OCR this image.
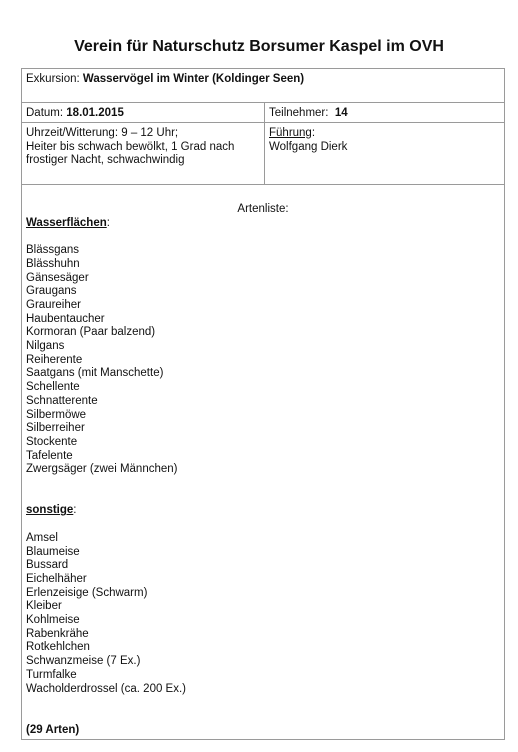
Verein für Naturschutz Borsumer Kaspel im OVH
Exkursion: Wasservögel im Winter (Koldinger Seen)
Datum: 18.01.2015	Teilnehmer: 14
Uhrzeit/Witterung: 9 – 12 Uhr;
Heiter bis schwach bewölkt, 1 Grad nach
frostiger Nacht, schwachwindig
Führung:
Wolfgang Dierk
Artenliste:
Wasserflächen:
Blässgans
Blässhuhn
Gänsesäger
Graugans
Graureiher
Haubentaucher
Kormoran (Paar balzend)
Nilgans
Reiherente
Saatgans (mit Manschette)
Schellente
Schnatterente
Silbermöwe
Silberreiher
Stockente
Tafelente
Zwergsäger (zwei Männchen)
sonstige:
Amsel
Blaumeise
Bussard
Eichelhäher
Erlenzeisige (Schwarm)
Kleiber
Kohlmeise
Rabenkrähe
Rotkehlchen
Schwanzmeise (7 Ex.)
Turmfalke
Wacholderdrossel (ca. 200 Ex.)
(29 Arten)
